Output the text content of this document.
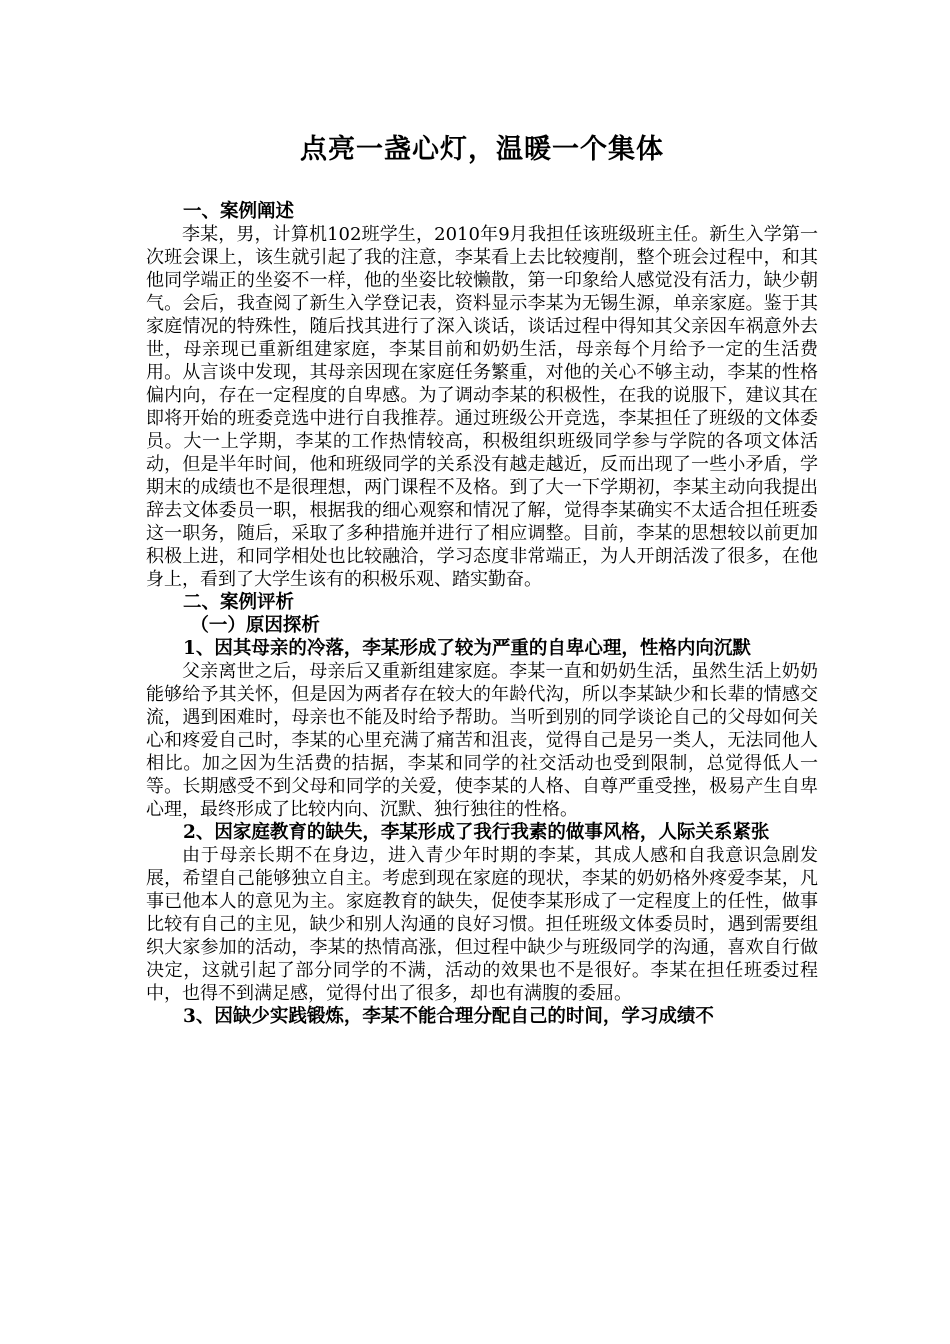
点亮一盏心灯，温暖一个集体
一、案例阐述
李某，男，计算机102班学生，2010年9月我担任该班级班主任。新生入学第一次班会课上，该生就引起了我的注意，李某看上去比较瘦削，整个班会过程中，和其他同学端正的坐姿不一样，他的坐姿比较懒散，第一印象给人感觉没有活力，缺少朝气。会后，我查阅了新生入学登记表，资料显示李某为无锡生源，单亲家庭。鉴于其家庭情况的特殊性，随后找其进行了深入谈话，谈话过程中得知其父亲因车祸意外去世，母亲现已重新组建家庭，李某目前和奶奶生活，母亲每个月给予一定的生活费用。从言谈中发现，其母亲因现在家庭任务繁重，对他的关心不够主动，李某的性格偏内向，存在一定程度的自卑感。为了调动李某的积极性，在我的说服下，建议其在即将开始的班委竞选中进行自我推荐。通过班级公开竞选，李某担任了班级的文体委员。大一上学期，李某的工作热情较高，积极组织班级同学参与学院的各项文体活动，但是半年时间，他和班级同学的关系没有越走越近，反而出现了一些小矛盾，学期末的成绩也不是很理想，两门课程不及格。到了大一下学期初，李某主动向我提出辞去文体委员一职，根据我的细心观察和情况了解，觉得李某确实不太适合担任班委这一职务，随后，采取了多种措施并进行了相应调整。目前，李某的思想较以前更加积极上进，和同学相处也比较融洽，学习态度非常端正，为人开朗活泼了很多，在他身上，看到了大学生该有的积极乐观、踏实勤奋。
二、案例评析
（一）原因探析
1、因其母亲的冷落，李某形成了较为严重的自卑心理，性格内向沉默
父亲离世之后，母亲后又重新组建家庭。李某一直和奶奶生活，虽然生活上奶奶能够给予其关怀，但是因为两者存在较大的年龄代沟，所以李某缺少和长辈的情感交流，遇到困难时，母亲也不能及时给予帮助。当听到别的同学谈论自己的父母如何关心和疼爱自己时，李某的心里充满了痛苦和沮丧，觉得自己是另一类人，无法同他人相比。加之因为生活费的拮据，李某和同学的社交活动也受到限制，总觉得低人一等。长期感受不到父母和同学的关爱，使李某的人格、自尊严重受挫，极易产生自卑心理，最终形成了比较内向、沉默、独行独往的性格。
2、因家庭教育的缺失，李某形成了我行我素的做事风格，人际关系紧张
由于母亲长期不在身边，进入青少年时期的李某，其成人感和自我意识急剧发展，希望自己能够独立自主。考虑到现在家庭的现状，李某的奶奶格外疼爱李某，凡事已他本人的意见为主。家庭教育的缺失，促使李某形成了一定程度上的任性，做事比较有自己的主见，缺少和别人沟通的良好习惯。担任班级文体委员时，遇到需要组织大家参加的活动，李某的热情高涨，但过程中缺少与班级同学的沟通，喜欢自行做决定，这就引起了部分同学的不满，活动的效果也不是很好。李某在担任班委过程中，也得不到满足感，觉得付出了很多，却也有满腹的委屈。
3、因缺少实践锻炼，李某不能合理分配自己的时间，学习成绩不
